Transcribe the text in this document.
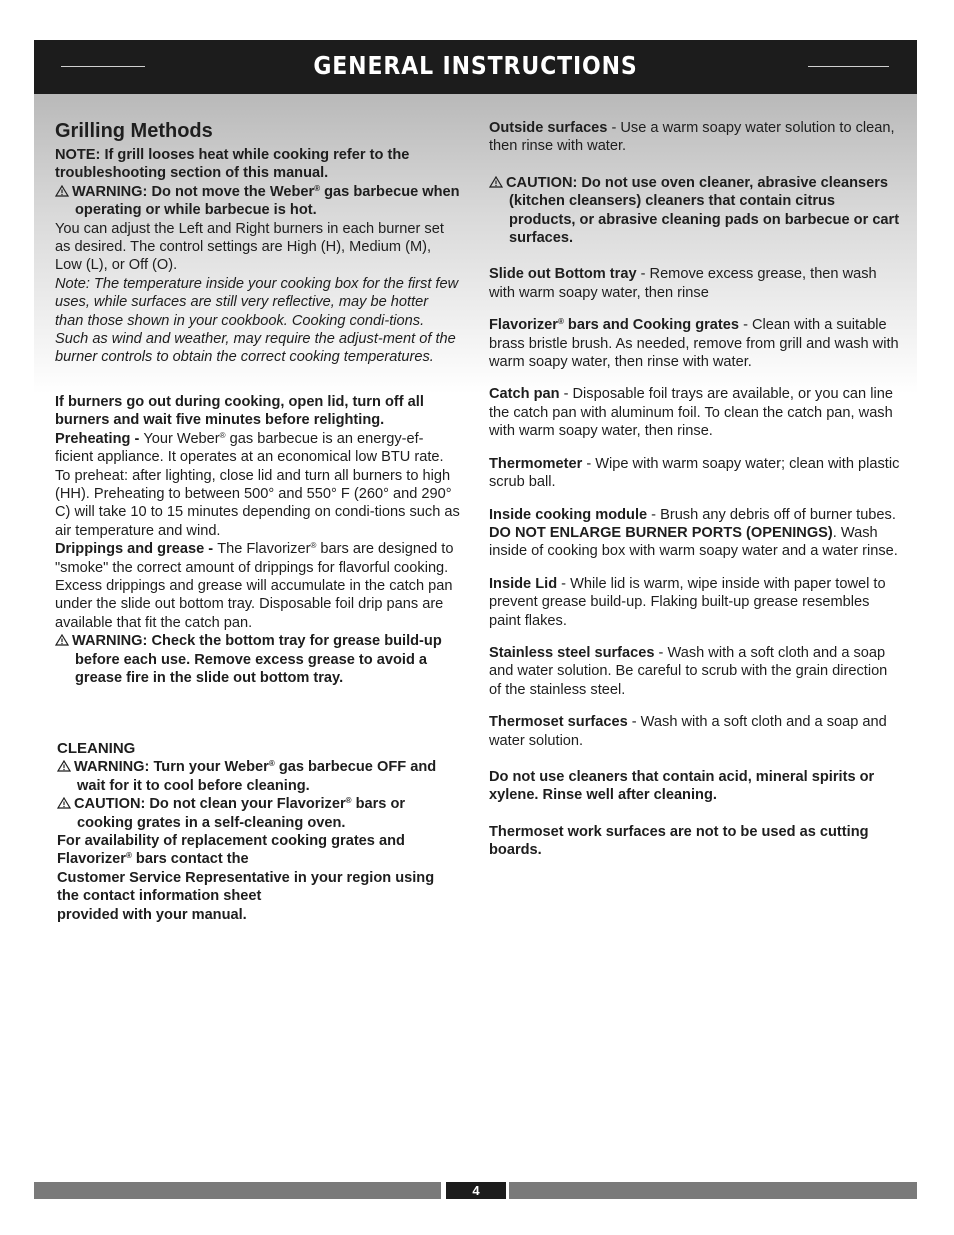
GENERAL INSTRUCTIONS
Grilling Methods

NOTE: If grill looses heat while cooking refer to the troubleshooting section of this manual.

WARNING: Do not move the Weber® gas barbecue when operating or while barbecue is hot.

You can adjust the Left and Right burners in each burner set as desired. The control settings are High (H), Medium (M), Low (L), or Off (O).

Note: The temperature inside your cooking box for the first few uses, while surfaces are still very reflective, may be hotter than those shown in your cookbook. Cooking condi-tions. Such as wind and weather, may require the adjust-ment of the burner controls to obtain the correct cooking temperatures.

If burners go out during cooking, open lid, turn off all burners and wait five minutes before relighting.

Preheating - Your Weber® gas barbecue is an energy-ef-ficient appliance. It operates at an economical low BTU rate. To preheat: after lighting, close lid and turn all burners to high (HH). Preheating to between 500° and 550° F (260° and 290° C) will take 10 to 15 minutes depending on condi-tions such as air temperature and wind.

Drippings and grease - The Flavorizer® bars are designed to "smoke" the correct amount of drippings for flavorful cooking. Excess drippings and grease will accumulate in the catch pan under the slide out bottom tray. Disposable foil drip pans are available that fit the catch pan.

WARNING: Check the bottom tray for grease build-up before each use. Remove excess grease to avoid a grease fire in the slide out bottom tray.

CLEANING

WARNING: Turn your Weber® gas barbecue OFF and wait for it to cool before cleaning.

CAUTION: Do not clean your Flavorizer® bars or cooking grates in a self-cleaning oven.

For availability of replacement cooking grates and Flavorizer® bars contact the

Customer Service Representative in your region using the contact information sheet

provided with your manual.

Outside surfaces - Use a warm soapy water solution to clean, then rinse with water.

CAUTION: Do not use oven cleaner, abrasive cleansers (kitchen cleansers) cleaners that contain citrus products, or abrasive cleaning pads on barbecue or cart surfaces.

Slide out Bottom tray - Remove excess grease, then wash with warm soapy water, then rinse

Flavorizer® bars and Cooking grates - Clean with a suitable brass bristle brush. As needed, remove from grill and wash with warm soapy water, then rinse with water.

Catch pan - Disposable foil trays are available, or you can line the catch pan with aluminum foil. To clean the catch pan, wash with warm soapy water, then rinse.

Thermometer - Wipe with warm soapy water; clean with plastic scrub ball.

Inside cooking module - Brush any debris off of burner tubes. DO NOT ENLARGE BURNER PORTS (OPENINGS). Wash inside of cooking box with warm soapy water and a water rinse.

Inside Lid - While lid is warm, wipe inside with paper towel to prevent grease build-up. Flaking built-up grease resembles paint flakes.

Stainless steel surfaces - Wash with a soft cloth and a soap and water solution. Be careful to scrub with the grain direction of the stainless steel.

Thermoset surfaces - Wash with a soft cloth and a soap and water solution.

Do not use cleaners that contain acid, mineral spirits or xylene. Rinse well after cleaning.

Thermoset work surfaces are not to be used as cutting boards.

4
